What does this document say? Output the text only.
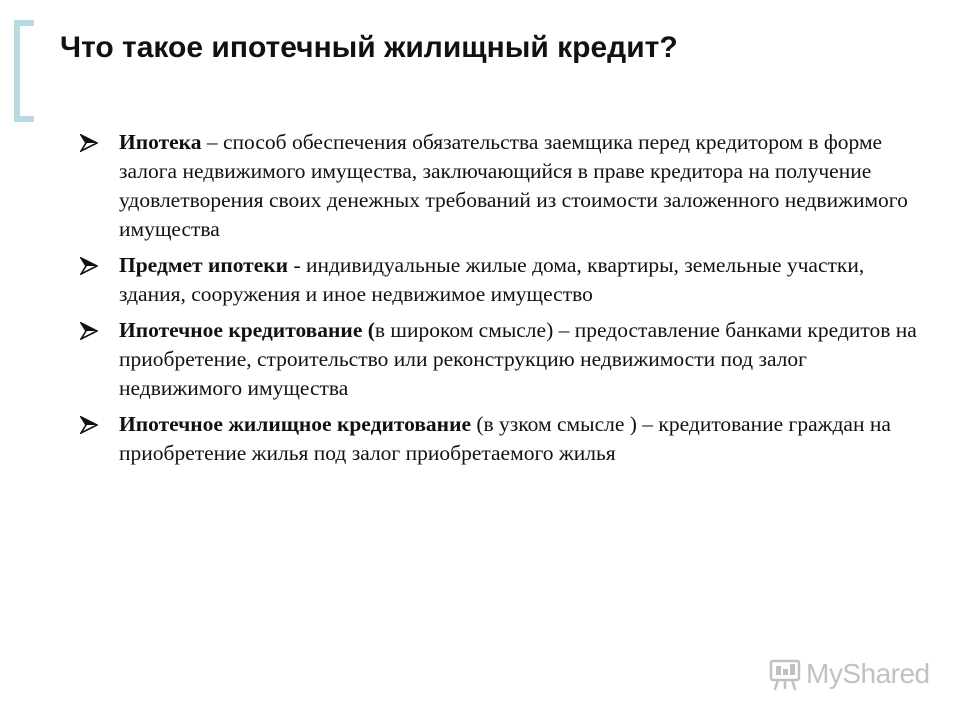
Что такое ипотечный жилищный кредит?
Ипотека – способ обеспечения обязательства заемщика перед кредитором в форме залога недвижимого имущества, заключающийся в праве кредитора на получение удовлетворения своих денежных требований из стоимости заложенного недвижимого имущества
Предмет ипотеки - индивидуальные жилые дома, квартиры, земельные участки, здания, сооружения и иное недвижимое имущество
Ипотечное кредитование (в широком смысле) – предоставление банками кредитов на приобретение, строительство или реконструкцию недвижимости под залог недвижимого имущества
Ипотечное жилищное кредитование (в узком смысле ) – кредитование граждан на приобретение жилья под залог приобретаемого жилья
MyShared
